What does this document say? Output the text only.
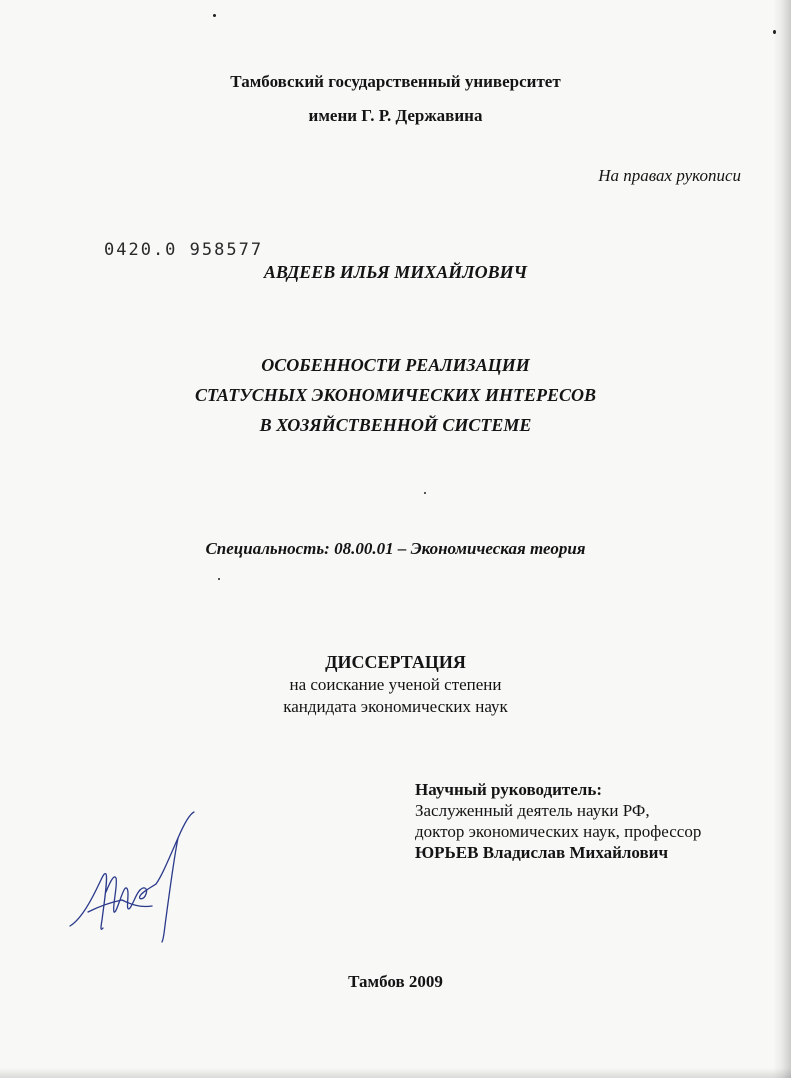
Тамбовский государственный университет
имени Г. Р. Державина
На правах рукописи
0420.0 958577
АВДЕЕВ ИЛЬЯ МИХАЙЛОВИЧ
ОСОБЕННОСТИ РЕАЛИЗАЦИИ
СТАТУСНЫХ ЭКОНОМИЧЕСКИХ ИНТЕРЕСОВ
В ХОЗЯЙСТВЕННОЙ СИСТЕМЕ
Специальность: 08.00.01 – Экономическая теория
ДИССЕРТАЦИЯ
на соискание ученой степени
кандидата экономических наук
Научный руководитель:
Заслуженный деятель науки РФ,
доктор экономических наук, профессор
ЮРЬЕВ Владислав Михайлович
Тамбов 2009
